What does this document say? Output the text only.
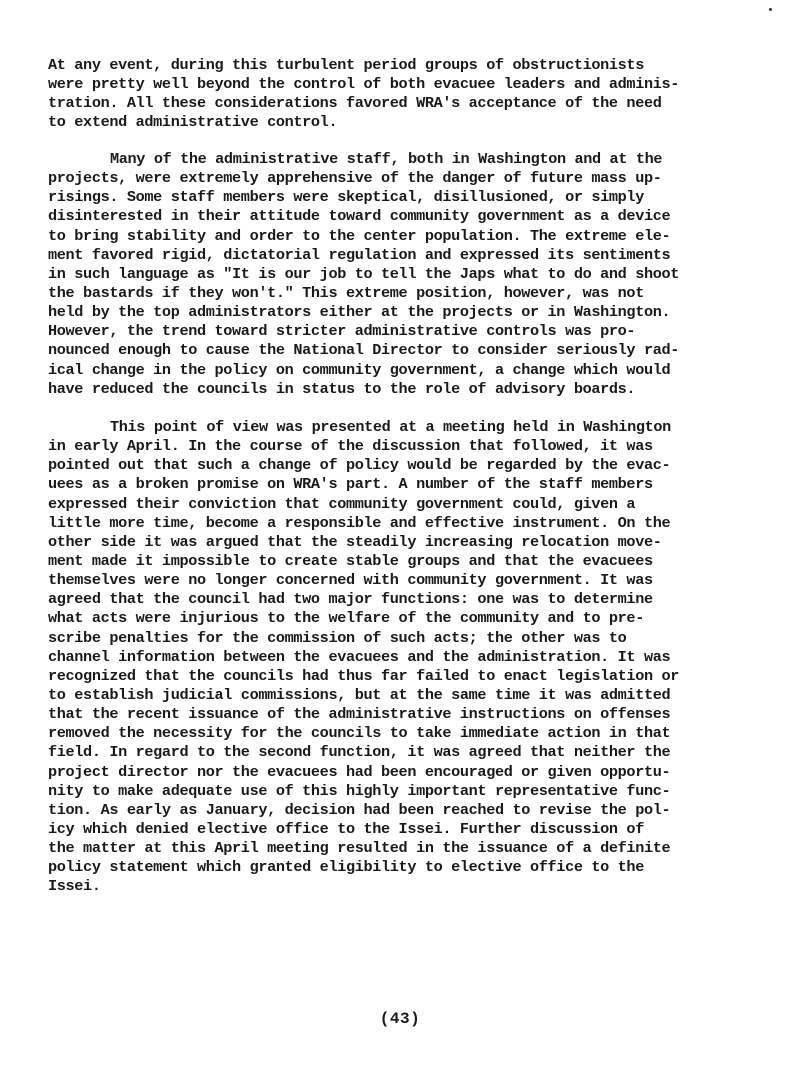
At any event, during this turbulent period groups of obstructionists
were pretty well beyond the control of both evacuee leaders and adminis-
tration. All these considerations favored WRA's acceptance of the need
to extend administrative control.
Many of the administrative staff, both in Washington and at the
projects, were extremely apprehensive of the danger of future mass up-
risings. Some staff members were skeptical, disillusioned, or simply
disinterested in their attitude toward community government as a device
to bring stability and order to the center population. The extreme ele-
ment favored rigid, dictatorial regulation and expressed its sentiments
in such language as "It is our job to tell the Japs what to do and shoot
the bastards if they won't." This extreme position, however, was not
held by the top administrators either at the projects or in Washington.
However, the trend toward stricter administrative controls was pro-
nounced enough to cause the National Director to consider seriously rad-
ical change in the policy on community government, a change which would
have reduced the councils in status to the role of advisory boards.
This point of view was presented at a meeting held in Washington
in early April. In the course of the discussion that followed, it was
pointed out that such a change of policy would be regarded by the evac-
uees as a broken promise on WRA's part. A number of the staff members
expressed their conviction that community government could, given a
little more time, become a responsible and effective instrument. On the
other side it was argued that the steadily increasing relocation move-
ment made it impossible to create stable groups and that the evacuees
themselves were no longer concerned with community government. It was
agreed that the council had two major functions: one was to determine
what acts were injurious to the welfare of the community and to pre-
scribe penalties for the commission of such acts; the other was to
channel information between the evacuees and the administration. It was
recognized that the councils had thus far failed to enact legislation or
to establish judicial commissions, but at the same time it was admitted
that the recent issuance of the administrative instructions on offenses
removed the necessity for the councils to take immediate action in that
field. In regard to the second function, it was agreed that neither the
project director nor the evacuees had been encouraged or given opportu-
nity to make adequate use of this highly important representative func-
tion. As early as January, decision had been reached to revise the pol-
icy which denied elective office to the Issei. Further discussion of
the matter at this April meeting resulted in the issuance of a definite
policy statement which granted eligibility to elective office to the
Issei.
(43)
